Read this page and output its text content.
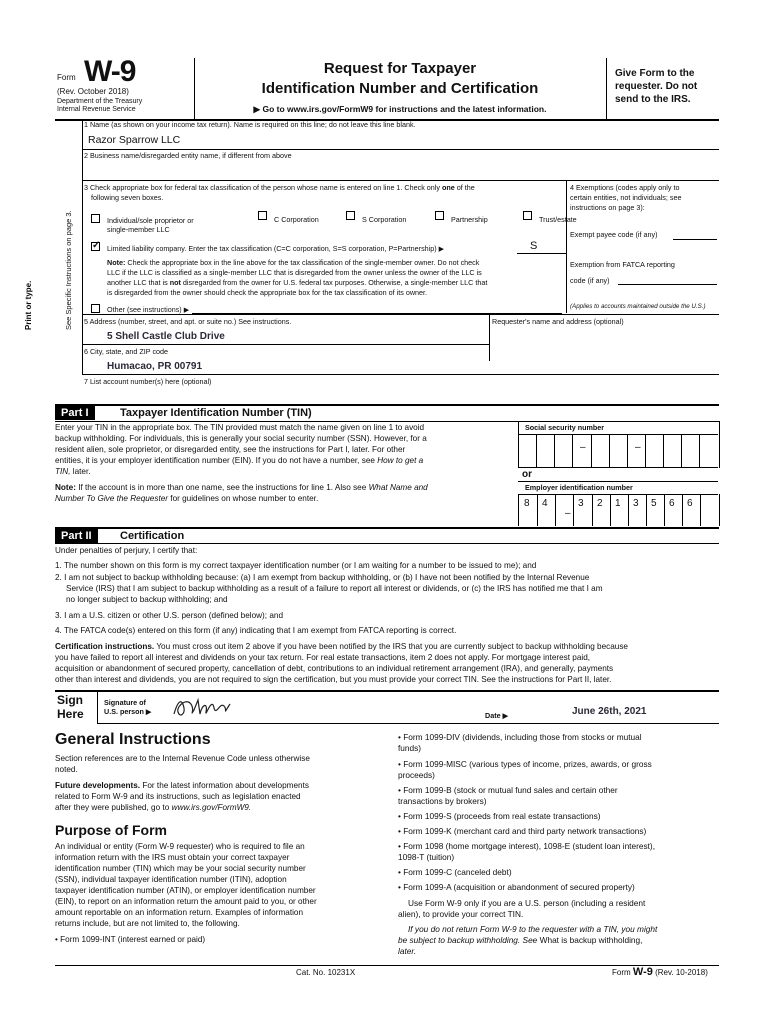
Form W-9
(Rev. October 2018)
Department of the Treasury
Internal Revenue Service
Request for Taxpayer
Identification Number and Certification
▶ Go to www.irs.gov/FormW9 for instructions and the latest information.
Give Form to the requester. Do not send to the IRS.
Print or type.	See Specific Instructions on page 3.
1 Name (as shown on your income tax return). Name is required on this line; do not leave this line blank.
Razor Sparrow LLC
2 Business name/disregarded entity name, if different from above
3 Check appropriate box for federal tax classification of the person whose name is entered on line 1. Check only one of the
following seven boxes.
Individual/sole proprietor or
single-member LLC
C Corporation	S Corporation	Partnership	Trust/estate
✓
Limited liability company. Enter the tax classification (C=C corporation, S=S corporation, P=Partnership) ▶	S
Note: Check the appropriate box in the line above for the tax classification of the single-member owner. Do not check
LLC if the LLC is classified as a single-member LLC that is disregarded from the owner unless the owner of the LLC is
another LLC that is not disregarded from the owner for U.S. federal tax purposes. Otherwise, a single-member LLC that
is disregarded from the owner should check the appropriate box for the tax classification of its owner.
Other (see instructions) ▶
4 Exemptions (codes apply only to
certain entities, not individuals; see
instructions on page 3):
Exempt payee code (if any)
Exemption from FATCA reporting
code (if any)
(Applies to accounts maintained outside the U.S.)
5 Address (number, street, and apt. or suite no.) See instructions.
5 Shell Castle Club Drive
Requester's name and address (optional)
6 City, state, and ZIP code
Humacao, PR 00791
7 List account number(s) here (optional)
Part I	Taxpayer Identification Number (TIN)
Enter your TIN in the appropriate box. The TIN provided must match the name given on line 1 to avoid
backup withholding. For individuals, this is generally your social security number (SSN). However, for a
resident alien, sole proprietor, or disregarded entity, see the instructions for Part I, later. For other
entities, it is your employer identification number (EIN). If you do not have a number, see How to get a
TIN, later.
Note: If the account is in more than one name, see the instructions for line 1. Also see What Name and
Number To Give the Requester for guidelines on whose number to enter.
Social security number
–	–
or
Employer identification number
8 4
–
3 2 1 3 5 6 6
Part II	Certification
Under penalties of perjury, I certify that:
1. The number shown on this form is my correct taxpayer identification number (or I am waiting for a number to be issued to me); and
2. I am not subject to backup withholding because: (a) I am exempt from backup withholding, or (b) I have not been notified by the Internal Revenue
Service (IRS) that I am subject to backup withholding as a result of a failure to report all interest or dividends, or (c) the IRS has notified me that I am
no longer subject to backup withholding; and
3. I am a U.S. citizen or other U.S. person (defined below); and
4. The FATCA code(s) entered on this form (if any) indicating that I am exempt from FATCA reporting is correct.
Certification instructions. You must cross out item 2 above if you have been notified by the IRS that you are currently subject to backup withholding because
you have failed to report all interest and dividends on your tax return. For real estate transactions, item 2 does not apply. For mortgage interest paid,
acquisition or abandonment of secured property, cancellation of debt, contributions to an individual retirement arrangement (IRA), and generally, payments
other than interest and dividends, you are not required to sign the certification, but you must provide your correct TIN. See the instructions for Part II, later.
Sign
Here
Signature of
U.S. person ▶	Date ▶	June 26th, 2021
General Instructions
Section references are to the Internal Revenue Code unless otherwise
noted.
Future developments. For the latest information about developments
related to Form W-9 and its instructions, such as legislation enacted
after they were published, go to www.irs.gov/FormW9.
Purpose of Form
An individual or entity (Form W-9 requester) who is required to file an
information return with the IRS must obtain your correct taxpayer
identification number (TIN) which may be your social security number
(SSN), individual taxpayer identification number (ITIN), adoption
taxpayer identification number (ATIN), or employer identification number
(EIN), to report on an information return the amount paid to you, or other
amount reportable on an information return. Examples of information
returns include, but are not limited to, the following.
• Form 1099-INT (interest earned or paid)
• Form 1099-DIV (dividends, including those from stocks or mutual
funds)
• Form 1099-MISC (various types of income, prizes, awards, or gross
proceeds)
• Form 1099-B (stock or mutual fund sales and certain other
transactions by brokers)
• Form 1099-S (proceeds from real estate transactions)
• Form 1099-K (merchant card and third party network transactions)
• Form 1098 (home mortgage interest), 1098-E (student loan interest),
1098-T (tuition)
• Form 1099-C (canceled debt)
• Form 1099-A (acquisition or abandonment of secured property)
Use Form W-9 only if you are a U.S. person (including a resident
alien), to provide your correct TIN.
If you do not return Form W-9 to the requester with a TIN, you might
be subject to backup withholding. See What is backup withholding,
later.
Cat. No. 10231X	Form W-9 (Rev. 10-2018)
